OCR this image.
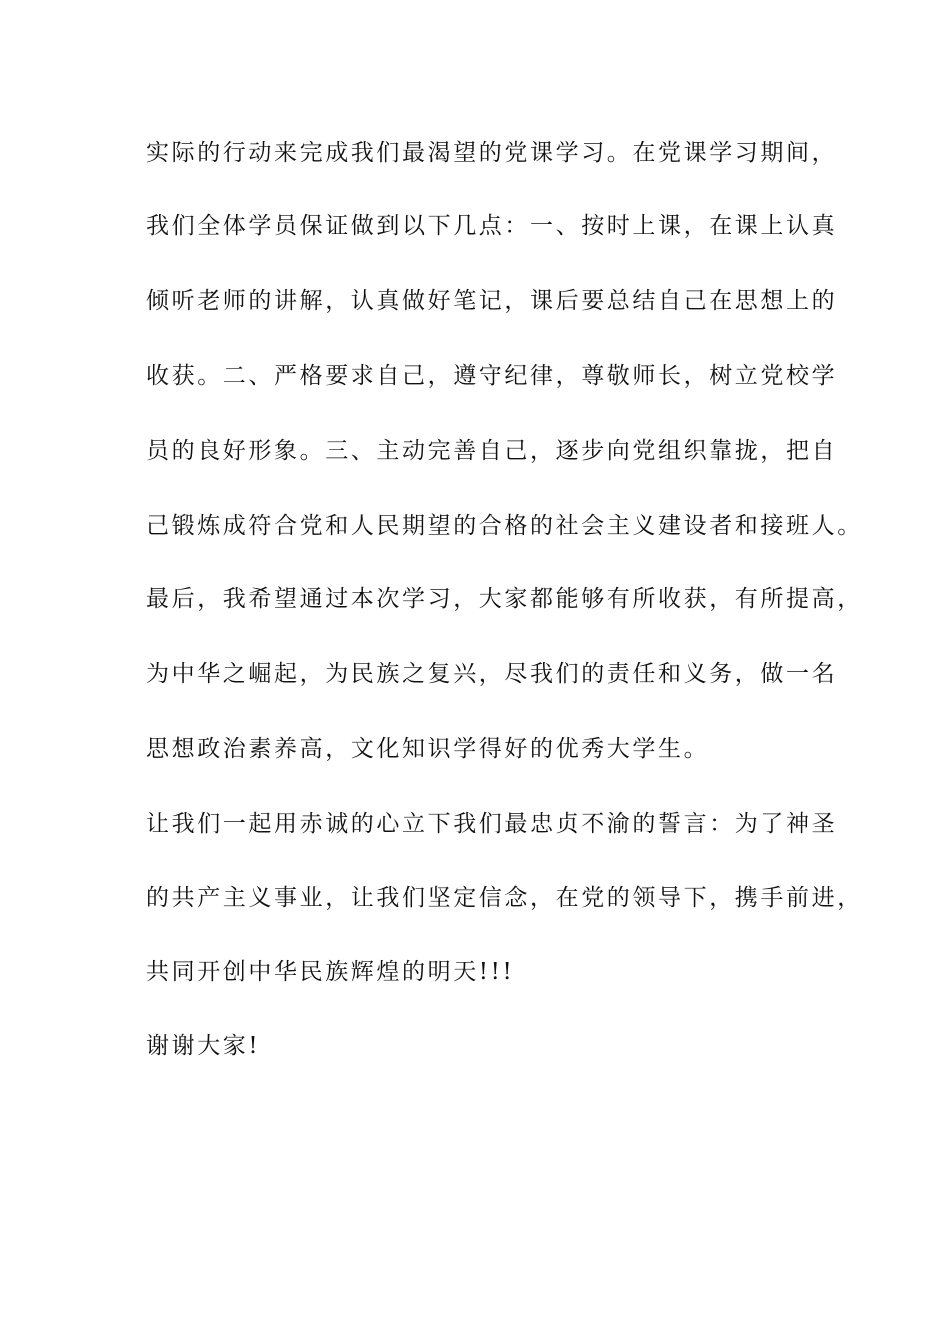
实际的行动来完成我们最渴望的党课学习。在党课学习期间，

我们全体学员保证做到以下几点：一、按时上课，在课上认真

倾听老师的讲解，认真做好笔记，课后要总结自己在思想上的

收获。二、严格要求自己，遵守纪律，尊敬师长，树立党校学

员的良好形象。三、主动完善自己，逐步向党组织靠拢，把自

己锻炼成符合党和人民期望的合格的社会主义建设者和接班人。

最后，我希望通过本次学习，大家都能够有所收获，有所提高，

为中华之崛起，为民族之复兴，尽我们的责任和义务，做一名

思想政治素养高，文化知识学得好的优秀大学生。

让我们一起用赤诚的心立下我们最忠贞不渝的誓言：为了神圣

的共产主义事业，让我们坚定信念，在党的领导下，携手前进，

共同开创中华民族辉煌的明天!!!

谢谢大家!
